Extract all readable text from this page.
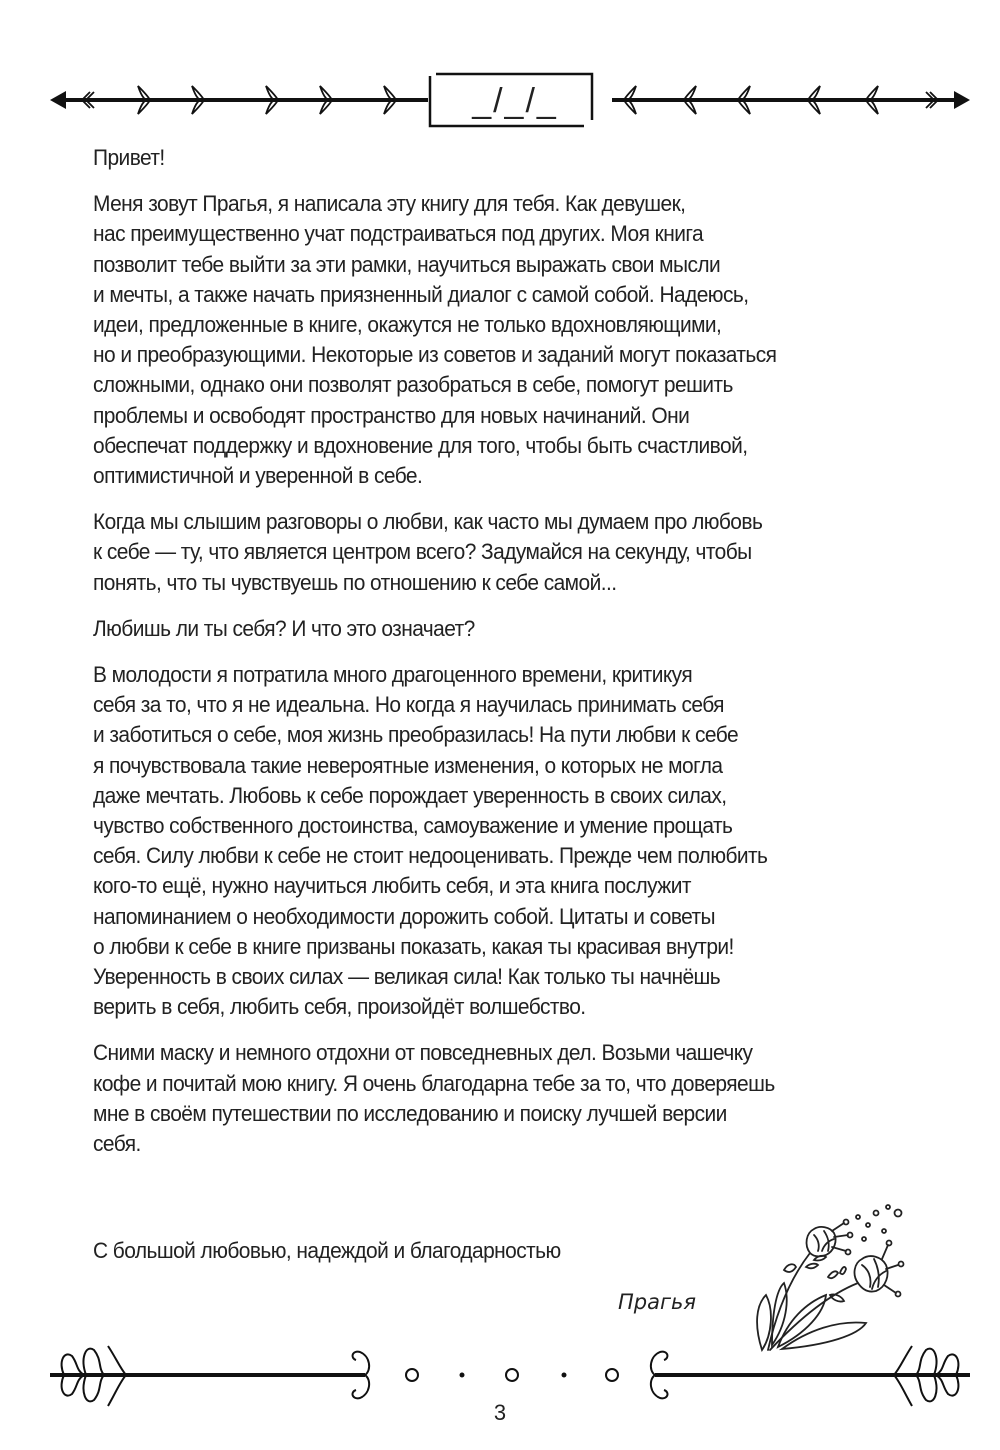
_/_/_

Привет!

Меня зовут Прагья, я написала эту книгу для тебя. Как девушек,
нас преимущественно учат подстраиваться под других. Моя книга
позволит тебе выйти за эти рамки, научиться выражать свои мысли
и мечты, а также начать приязненный диалог с самой собой. Надеюсь,
идеи, предложенные в книге, окажутся не только вдохновляющими,
но и преобразующими. Некоторые из советов и заданий могут показаться
сложными, однако они позволят разобраться в себе, помогут решить
проблемы и освободят пространство для новых начинаний. Они
обеспечат поддержку и вдохновение для того, чтобы быть счастливой,
оптимистичной и уверенной в себе.

Когда мы слышим разговоры о любви, как часто мы думаем про любовь
к себе — ту, что является центром всего? Задумайся на секунду, чтобы
понять, что ты чувствуешь по отношению к себе самой...

Любишь ли ты себя? И что это означает?

В молодости я потратила много драгоценного времени, критикуя
себя за то, что я не идеальна. Но когда я научилась принимать себя
и заботиться о себе, моя жизнь преобразилась! На пути любви к себе
я почувствовала такие невероятные изменения, о которых не могла
даже мечтать. Любовь к себе порождает уверенность в своих силах,
чувство собственного достоинства, самоуважение и умение прощать
себя. Силу любви к себе не стоит недооценивать. Прежде чем полюбить
кого-то ещё, нужно научиться любить себя, и эта книга послужит
напоминанием о необходимости дорожить собой. Цитаты и советы
о любви к себе в книге призваны показать, какая ты красивая внутри!
Уверенность в своих силах — великая сила! Как только ты начнёшь
верить в себя, любить себя, произойдёт волшебство.

Сними маску и немного отдохни от повседневных дел. Возьми чашечку
кофе и почитай мою книгу. Я очень благодарна тебе за то, что доверяешь
мне в своём путешествии по исследованию и поиску лучшей версии
себя.

С большой любовью, надеждой и благодарностью
Прагья
3
